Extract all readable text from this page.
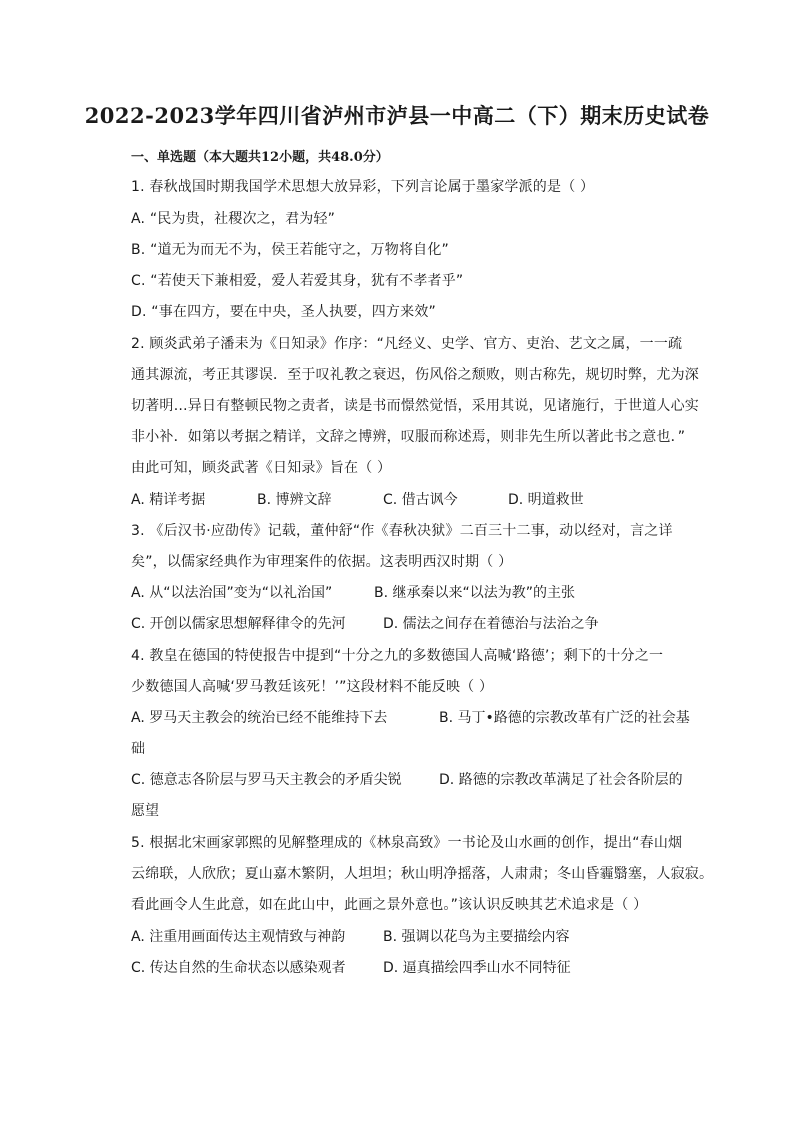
2022-2023学年四川省泸州市泸县一中高二（下）期末历史试卷
一、单选题（本大题共12小题，共48.0分）
1. 春秋战国时期我国学术思想大放异彩，下列言论属于墨家学派的是（ ）
A. “民为贵，社稷次之，君为轻”
B. “道无为而无不为，侯王若能守之，万物将自化”
C. “若使天下兼相爱，爱人若爱其身，犹有不孝者乎”
D. “事在四方，要在中央，圣人执要，四方来效”
2. 顾炎武弟子潘耒为《日知录》作序：“凡经义、史学、官方、吏治、艺文之属，一一疏
通其源流，考正其谬误．至于叹礼教之衰迟，伤风俗之颓败，则古称先，规切时弊，尤为深
切著明…异日有整顿民物之责者，读是书而憬然觉悟，采用其说，见诸施行，于世道人心实
非小补．如第以考据之精详，文辞之博辨，叹服而称述焉，则非先生所以著此书之意也．”
由此可知，顾炎武著《日知录》旨在（ ）
A. 精详考据	B. 博辨文辞	C. 借古讽今	D. 明道救世
3. 《后汉书·应劭传》记载，董仲舒“作《春秋决狱》二百三十二事，动以经对，言之详
矣”，以儒家经典作为审理案件的依据。这表明西汉时期（ ）
A. 从“以法治国”变为“以礼治国”	B. 继承秦以来“以法为教”的主张
C. 开创以儒家思想解释律令的先河	D. 儒法之间存在着德治与法治之争
4. 教皇在德国的特使报告中提到“十分之九的多数德国人高喊‘路德’；剩下的十分之一
少数德国人高喊‘罗马教廷该死！’”这段材料不能反映（ ）
A. 罗马天主教会的统治已经不能维持下去	B. 马丁•路德的宗教改革有广泛的社会基
础
C. 德意志各阶层与罗马天主教会的矛盾尖锐	D. 路德的宗教改革满足了社会各阶层的
愿望
5. 根据北宋画家郭熙的见解整理成的《林泉高致》一书论及山水画的创作，提出“春山烟
云绵联，人欣欣；夏山嘉木繁阴，人坦坦；秋山明净摇落，人肃肃；冬山昏霾翳塞，人寂寂。
看此画令人生此意，如在此山中，此画之景外意也。”该认识反映其艺术追求是（ ）
A. 注重用画面传达主观情致与神韵	B. 强调以花鸟为主要描绘内容
C. 传达自然的生命状态以感染观者	D. 逼真描绘四季山水不同特征
